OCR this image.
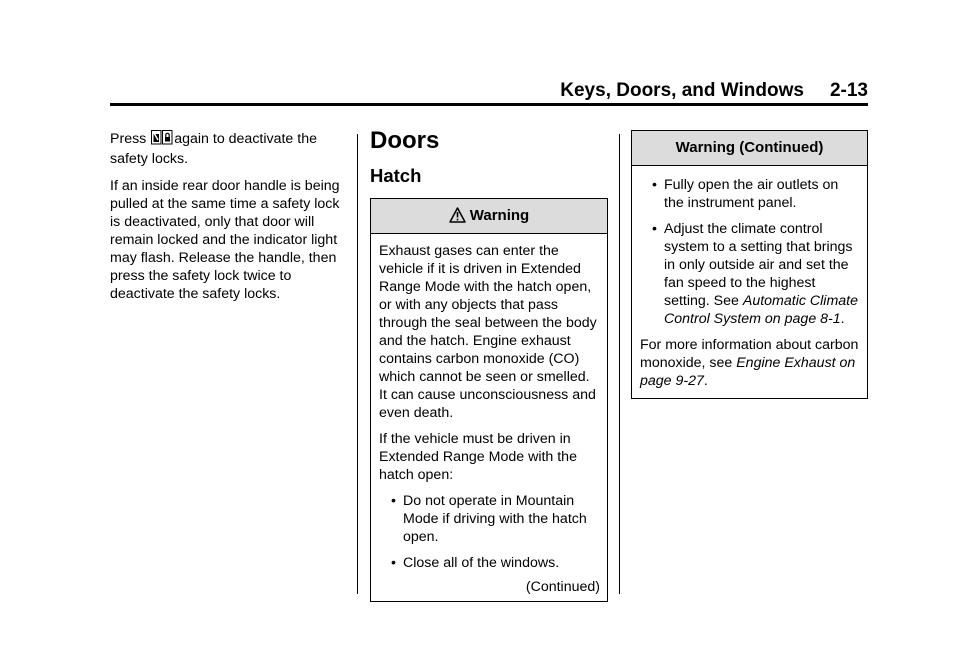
Keys, Doors, and Windows 2-13

Press again to deactivate the safety locks.

If an inside rear door handle is being pulled at the same time a safety lock is deactivated, only that door will remain locked and the indicator light may flash. Release the handle, then press the safety lock twice to deactivate the safety locks.

Doors
Hatch
Warning

Exhaust gases can enter the vehicle if it is driven in Extended Range Mode with the hatch open, or with any objects that pass through the seal between the body and the hatch. Engine exhaust contains carbon monoxide (CO) which cannot be seen or smelled. It can cause unconsciousness and even death.

If the vehicle must be driven in Extended Range Mode with the hatch open:

• Do not operate in Mountain Mode if driving with the hatch open.
• Close all of the windows.
(Continued)
Warning (Continued)
• Fully open the air outlets on the instrument panel.
• Adjust the climate control system to a setting that brings in only outside air and set the fan speed to the highest setting. See Automatic Climate Control System on page 8-1.

For more information about carbon monoxide, see Engine Exhaust on page 9-27.
